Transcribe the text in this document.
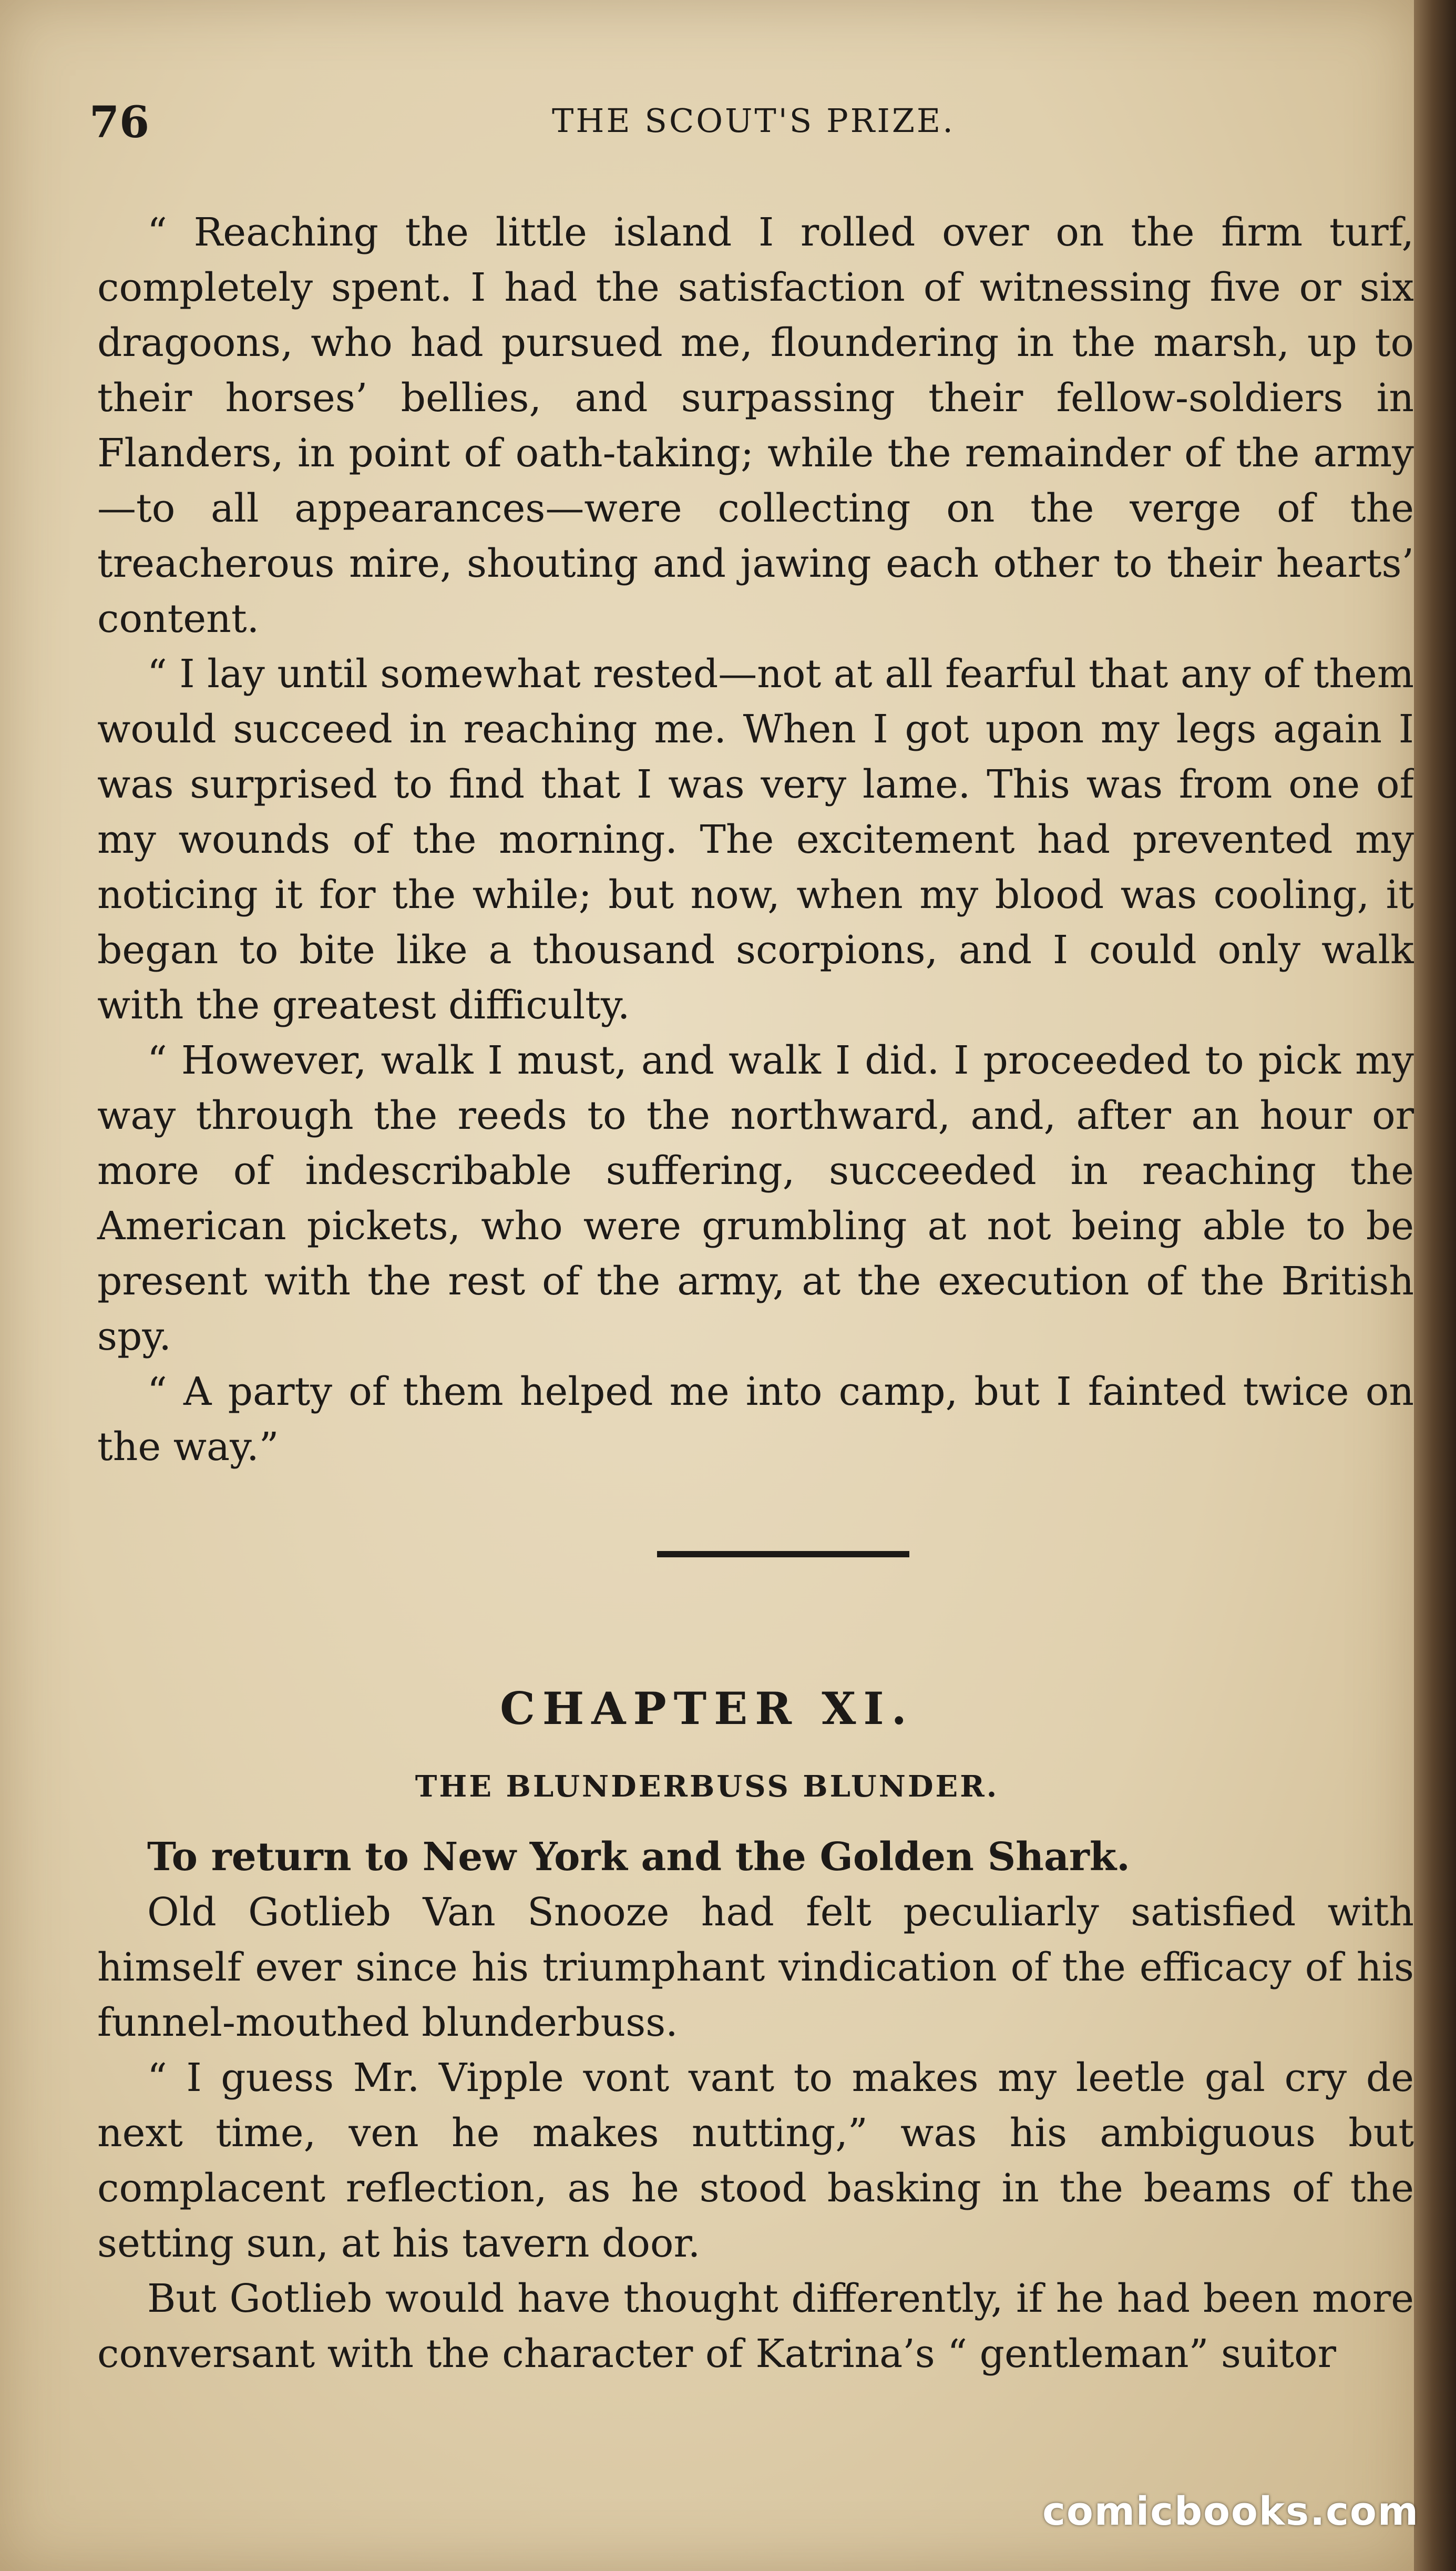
76	THE SCOUT'S PRIZE.

“ Reaching the little island I rolled over on the firm turf, completely spent. I had the satisfaction of witnessing five or six dragoons, who had pursued me, floundering in the marsh, up to their horses’ bellies, and surpassing their fellow-soldiers in Flanders, in point of oath-taking; while the remainder of the army—to all appearances—were collecting on the verge of the treacherous mire, shouting and jawing each other to their hearts’ content.

“ I lay until somewhat rested—not at all fearful that any of them would succeed in reaching me. When I got upon my legs again I was surprised to find that I was very lame. This was from one of my wounds of the morning. The excitement had prevented my noticing it for the while; but now, when my blood was cooling, it began to bite like a thousand scorpions, and I could only walk with the greatest difficulty.

“ However, walk I must, and walk I did. I proceeded to pick my way through the reeds to the northward, and, after an hour or more of indescribable suffering, succeeded in reaching the American pickets, who were grumbling at not being able to be present with the rest of the army, at the execution of the British spy.

“ A party of them helped me into camp, but I fainted twice on the way.”

CHAPTER XI.
THE BLUNDERBUSS BLUNDER.

To return to New York and the Golden Shark.

Old Gotlieb Van Snooze had felt peculiarly satisfied with himself ever since his triumphant vindication of the efficacy of his funnel-mouthed blunderbuss.

“ I guess Mr. Vipple vont vant to makes my leetle gal cry de next time, ven he makes nutting,” was his ambiguous but complacent reflection, as he stood basking in the beams of the setting sun, at his tavern door.

But Gotlieb would have thought differently, if he had been more conversant with the character of Katrina’s “ gentleman” suitor

comicbooks.com
